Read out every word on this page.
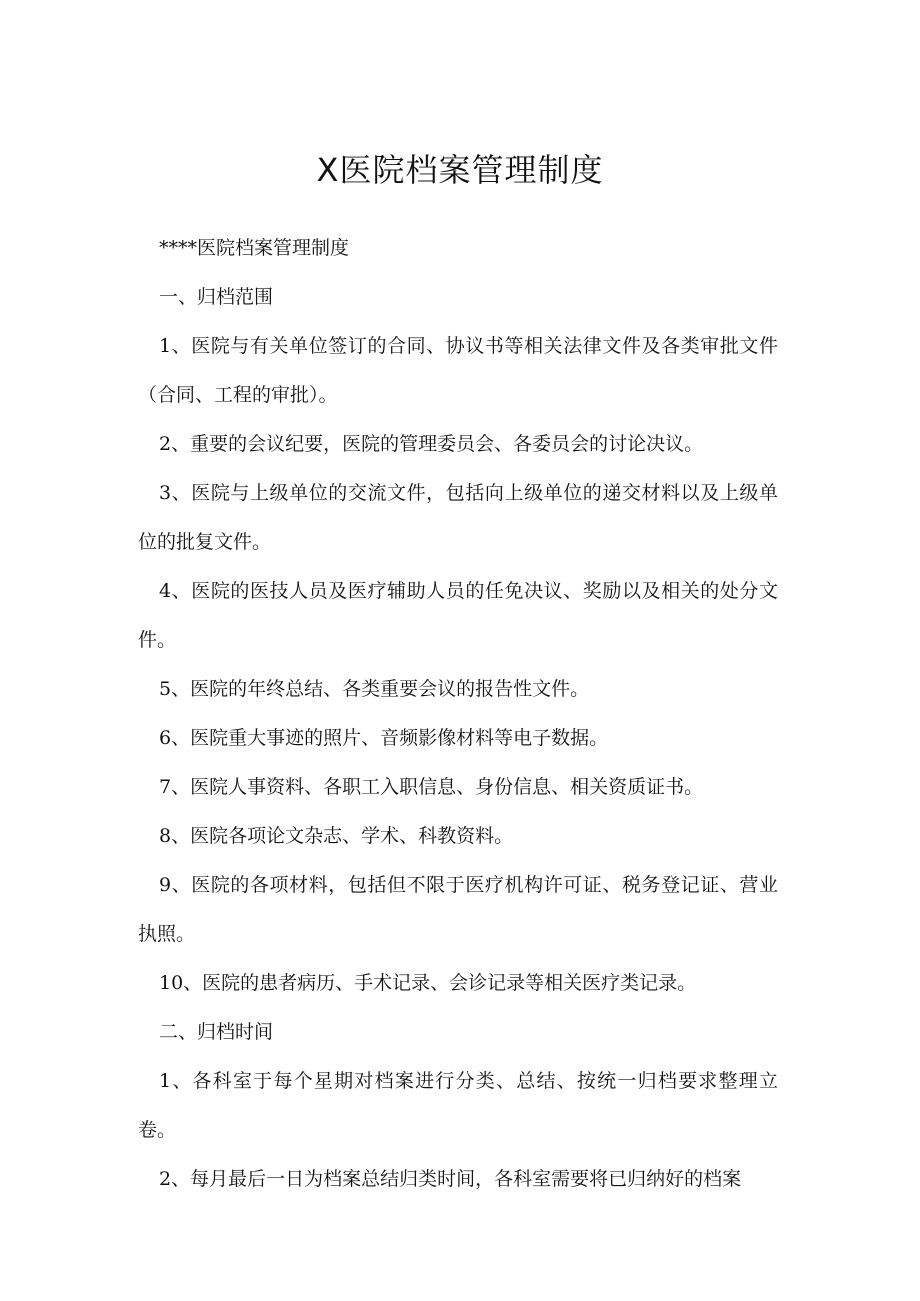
X医院档案管理制度

****医院档案管理制度

一、归档范围

1、医院与有关单位签订的合同、协议书等相关法律文件及各类审批文件（合同、工程的审批）。

2、重要的会议纪要，医院的管理委员会、各委员会的讨论决议。

3、医院与上级单位的交流文件，包括向上级单位的递交材料以及上级单位的批复文件。

4、医院的医技人员及医疗辅助人员的任免决议、奖励以及相关的处分文件。

5、医院的年终总结、各类重要会议的报告性文件。

6、医院重大事迹的照片、音频影像材料等电子数据。

7、医院人事资料、各职工入职信息、身份信息、相关资质证书。

8、医院各项论文杂志、学术、科教资料。

9、医院的各项材料，包括但不限于医疗机构许可证、税务登记证、营业执照。

10、医院的患者病历、手术记录、会诊记录等相关医疗类记录。

二、归档时间

1、各科室于每个星期对档案进行分类、总结、按统一归档要求整理立卷。

2、每月最后一日为档案总结归类时间，各科室需要将已归纳好的档案
